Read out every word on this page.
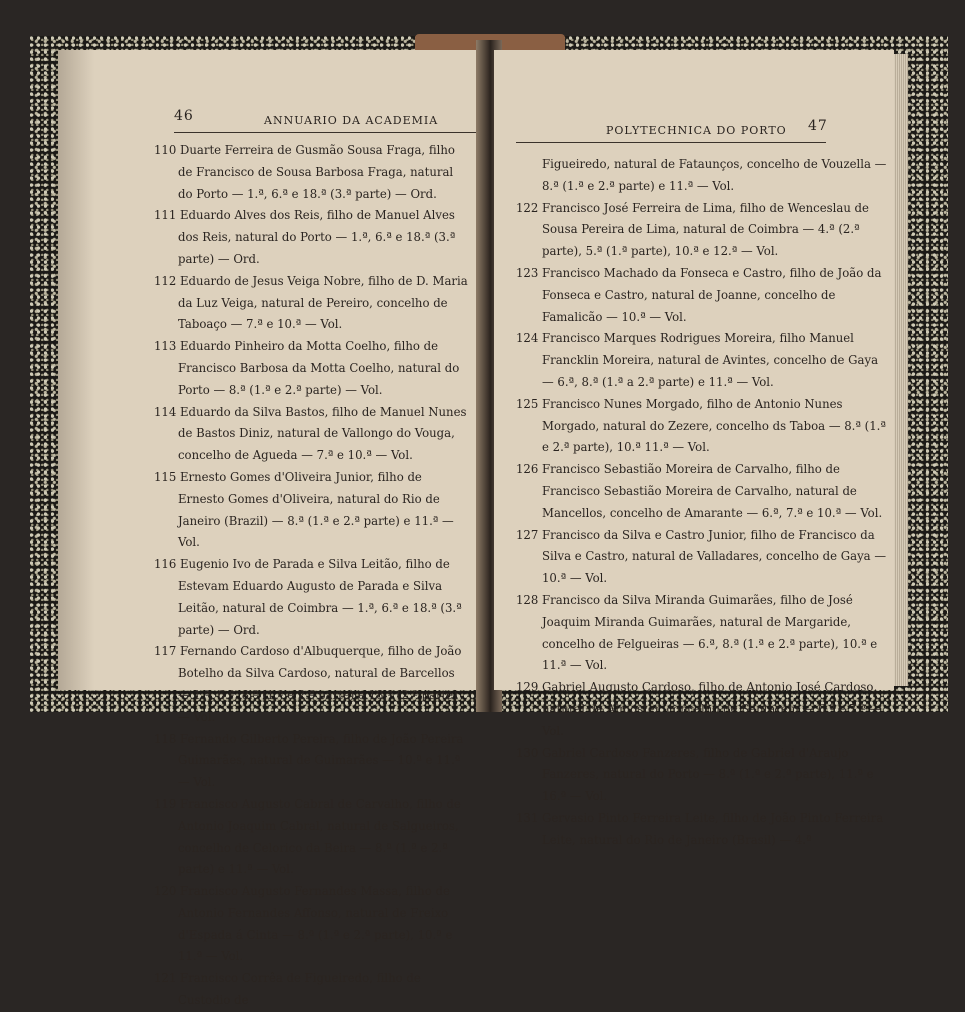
46	ANNUARIO DA ACADEMIA
110 Duarte Ferreira de Gusmão Sousa Fraga, filho de Francisco de Sousa Barbosa Fraga, natural do Porto — 1.ª, 6.ª e 18.ª (3.ª parte) — Ord.
111 Eduardo Alves dos Reis, filho de Manuel Alves dos Reis, natural do Porto — 1.ª, 6.ª e 18.ª (3.ª parte) — Ord.
112 Eduardo de Jesus Veiga Nobre, filho de D. Maria da Luz Veiga, natural de Pereiro, concelho de Taboaço — 7.ª e 10.ª — Vol.
113 Eduardo Pinheiro da Motta Coelho, filho de Francisco Barbosa da Motta Coelho, natural do Porto — 8.ª (1.ª e 2.ª parte) — Vol.
114 Eduardo da Silva Bastos, filho de Manuel Nunes de Bastos Diniz, natural de Vallongo do Vouga, concelho de Agueda — 7.ª e 10.ª — Vol.
115 Ernesto Gomes d'Oliveira Junior, filho de Ernesto Gomes d'Oliveira, natural do Rio de Janeiro (Brazil) — 8.ª (1.ª e 2.ª parte) e 11.ª — Vol.
116 Eugenio Ivo de Parada e Silva Leitão, filho de Estevam Eduardo Augusto de Parada e Silva Leitão, natural de Coimbra — 1.ª, 6.ª e 18.ª (3.ª parte) — Ord.
117 Fernando Cardoso d'Albuquerque, filho de João Botelho da Silva Cardoso, natural de Barcellos — 1.ª, 6.ª, 8.ª (1.ª e 2.ª parte) e 18.ª (2.ª parte) — Vol.
118 Fernando Gilberto Pereira, filho de João Pereira Guimarães, natural de Guimarães — 10.ª e 11.ª — Vol.
119 Francisco Augusto Cabral de Carvalho, filho de Antonio Joaquim Cabral, natural de Salgueiros, concelho de Celorico da Beira — 8.ª (1.ª e 2.ª parte) e 11.ª — Vol.
120 Francisco Augusto Fernandes Massa, filho de Antonio Fernandes Affonso, natural de Freixo d'Espada á Cinta — 8.ª (1.ª e 2.ª parte), 10.ª e 11.ª — Vol.
121 Francisco Corrêa de Figueiredo, filho de Custodio de
POLYTECHNICA DO PORTO 47
Figueiredo, natural de Fataunços, concelho de Vouzella — 8.ª (1.ª e 2.ª parte) e 11.ª — Vol.
122 Francisco José Ferreira de Lima, filho de Wenceslau de Sousa Pereira de Lima, natural de Coimbra — 4.ª (2.ª parte), 5.ª (1.ª parte), 10.ª e 12.ª — Vol.
123 Francisco Machado da Fonseca e Castro, filho de João da Fonseca e Castro, natural de Joanne, concelho de Famalicão — 10.ª — Vol.
124 Francisco Marques Rodrigues Moreira, filho Manuel Francklin Moreira, natural de Avintes, concelho de Gaya — 6.ª, 8.ª (1.ª a 2.ª parte) e 11.ª — Vol.
125 Francisco Nunes Morgado, filho de Antonio Nunes Morgado, natural do Zezere, concelho ds Taboa — 8.ª (1.ª e 2.ª parte), 10.ª 11.ª — Vol.
126 Francisco Sebastião Moreira de Carvalho, filho de Francisco Sebastião Moreira de Carvalho, natural de Mancellos, concelho de Amarante — 6.ª, 7.ª e 10.ª — Vol.
127 Francisco da Silva e Castro Junior, filho de Francisco da Silva e Castro, natural de Valladares, concelho de Gaya — 10.ª — Vol.
128 Francisco da Silva Miranda Guimarães, filho de José Joaquim Miranda Guimarães, natural de Margaride, concelho de Felgueiras — 6.ª, 8.ª (1.ª e 2.ª parte), 10.ª e 11.ª — Vol.
129 Gabriel Augusto Cardoso, filho de Antonio José Cardoso, natural de Almoster, concelho de Santarem — 6.ª e 7.ª — Vol.
130 Gabriel Cardoso Fanzeres, filho de Gabriel d'Araujo Fanzeres, natural do Porto — 8.ª (1.ª e 2.ª parte), 11.ª e 16.ª — Vol.
131 Gervasio Pinto Ferreira Leite, filho de João Pinto Ferreira Leite, natural do Rio de Janeiro (Brasil) — 4.ª
